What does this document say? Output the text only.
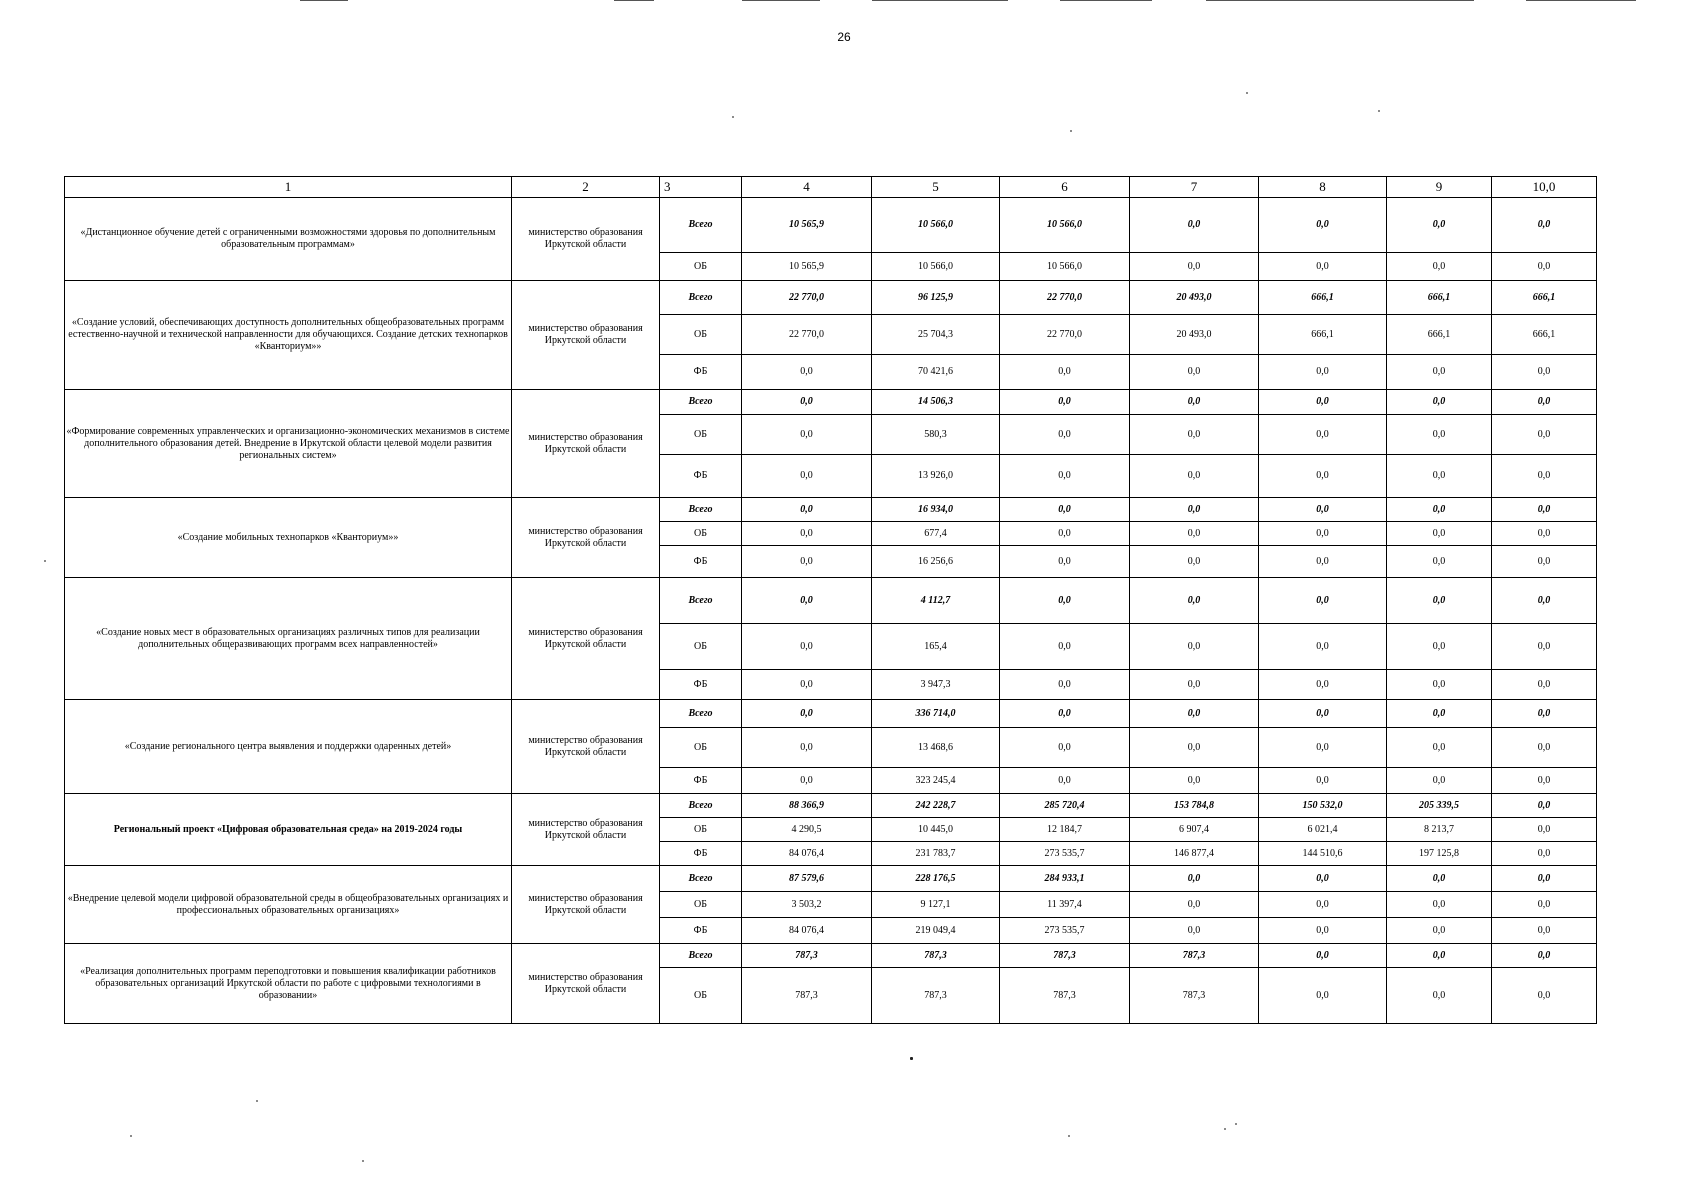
26
1	2	3	4	5	6	7	8	9	10,0
«Дистанционное обучение детей с ограниченными возможностями здоровья по дополнительным образовательным программам»	министерство образования Иркутской области	Всего	10 565,9	10 566,0	10 566,0	0,0	0,0	0,0	0,0
		ОБ	10 565,9	10 566,0	10 566,0	0,0	0,0	0,0	0,0
«Создание условий, обеспечивающих доступность дополнительных общеобразовательных программ естественно-научной и технической направленности для обучающихся. Создание детских технопарков «Кванториум»»	министерство образования Иркутской области	Всего	22 770,0	96 125,9	22 770,0	20 493,0	666,1	666,1	666,1
		ОБ	22 770,0	25 704,3	22 770,0	20 493,0	666,1	666,1	666,1
		ФБ	0,0	70 421,6	0,0	0,0	0,0	0,0	0,0
«Формирование современных управленческих и организационно-экономических механизмов в системе дополнительного образования детей. Внедрение в Иркутской области целевой модели развития региональных систем»	министерство образования Иркутской области	Всего	0,0	14 506,3	0,0	0,0	0,0	0,0	0,0
		ОБ	0,0	580,3	0,0	0,0	0,0	0,0	0,0
		ФБ	0,0	13 926,0	0,0	0,0	0,0	0,0	0,0
«Создание мобильных технопарков «Кванториум»»	министерство образования Иркутской области	Всего	0,0	16 934,0	0,0	0,0	0,0	0,0	0,0
		ОБ	0,0	677,4	0,0	0,0	0,0	0,0	0,0
		ФБ	0,0	16 256,6	0,0	0,0	0,0	0,0	0,0
«Создание новых мест в образовательных организациях различных типов для реализации дополнительных общеразвивающих программ всех направленностей»	министерство образования Иркутской области	Всего	0,0	4 112,7	0,0	0,0	0,0	0,0	0,0
		ОБ	0,0	165,4	0,0	0,0	0,0	0,0	0,0
		ФБ	0,0	3 947,3	0,0	0,0	0,0	0,0	0,0
«Создание регионального центра выявления и поддержки одаренных детей»	министерство образования Иркутской области	Всего	0,0	336 714,0	0,0	0,0	0,0	0,0	0,0
		ОБ	0,0	13 468,6	0,0	0,0	0,0	0,0	0,0
		ФБ	0,0	323 245,4	0,0	0,0	0,0	0,0	0,0
Региональный проект «Цифровая образовательная среда» на 2019-2024 годы	министерство образования Иркутской области	Всего	88 366,9	242 228,7	285 720,4	153 784,8	150 532,0	205 339,5	0,0
		ОБ	4 290,5	10 445,0	12 184,7	6 907,4	6 021,4	8 213,7	0,0
		ФБ	84 076,4	231 783,7	273 535,7	146 877,4	144 510,6	197 125,8	0,0
«Внедрение целевой модели цифровой образовательной среды в общеобразовательных организациях и профессиональных образовательных организациях»	министерство образования Иркутской области	Всего	87 579,6	228 176,5	284 933,1	0,0	0,0	0,0	0,0
		ОБ	3 503,2	9 127,1	11 397,4	0,0	0,0	0,0	0,0
		ФБ	84 076,4	219 049,4	273 535,7	0,0	0,0	0,0	0,0
«Реализация дополнительных программ переподготовки и повышения квалификации работников образовательных организаций Иркутской области по работе с цифровыми технологиями в образовании»	министерство образования Иркутской области	Всего	787,3	787,3	787,3	787,3	0,0	0,0	0,0
		ОБ	787,3	787,3	787,3	787,3	0,0	0,0	0,0
